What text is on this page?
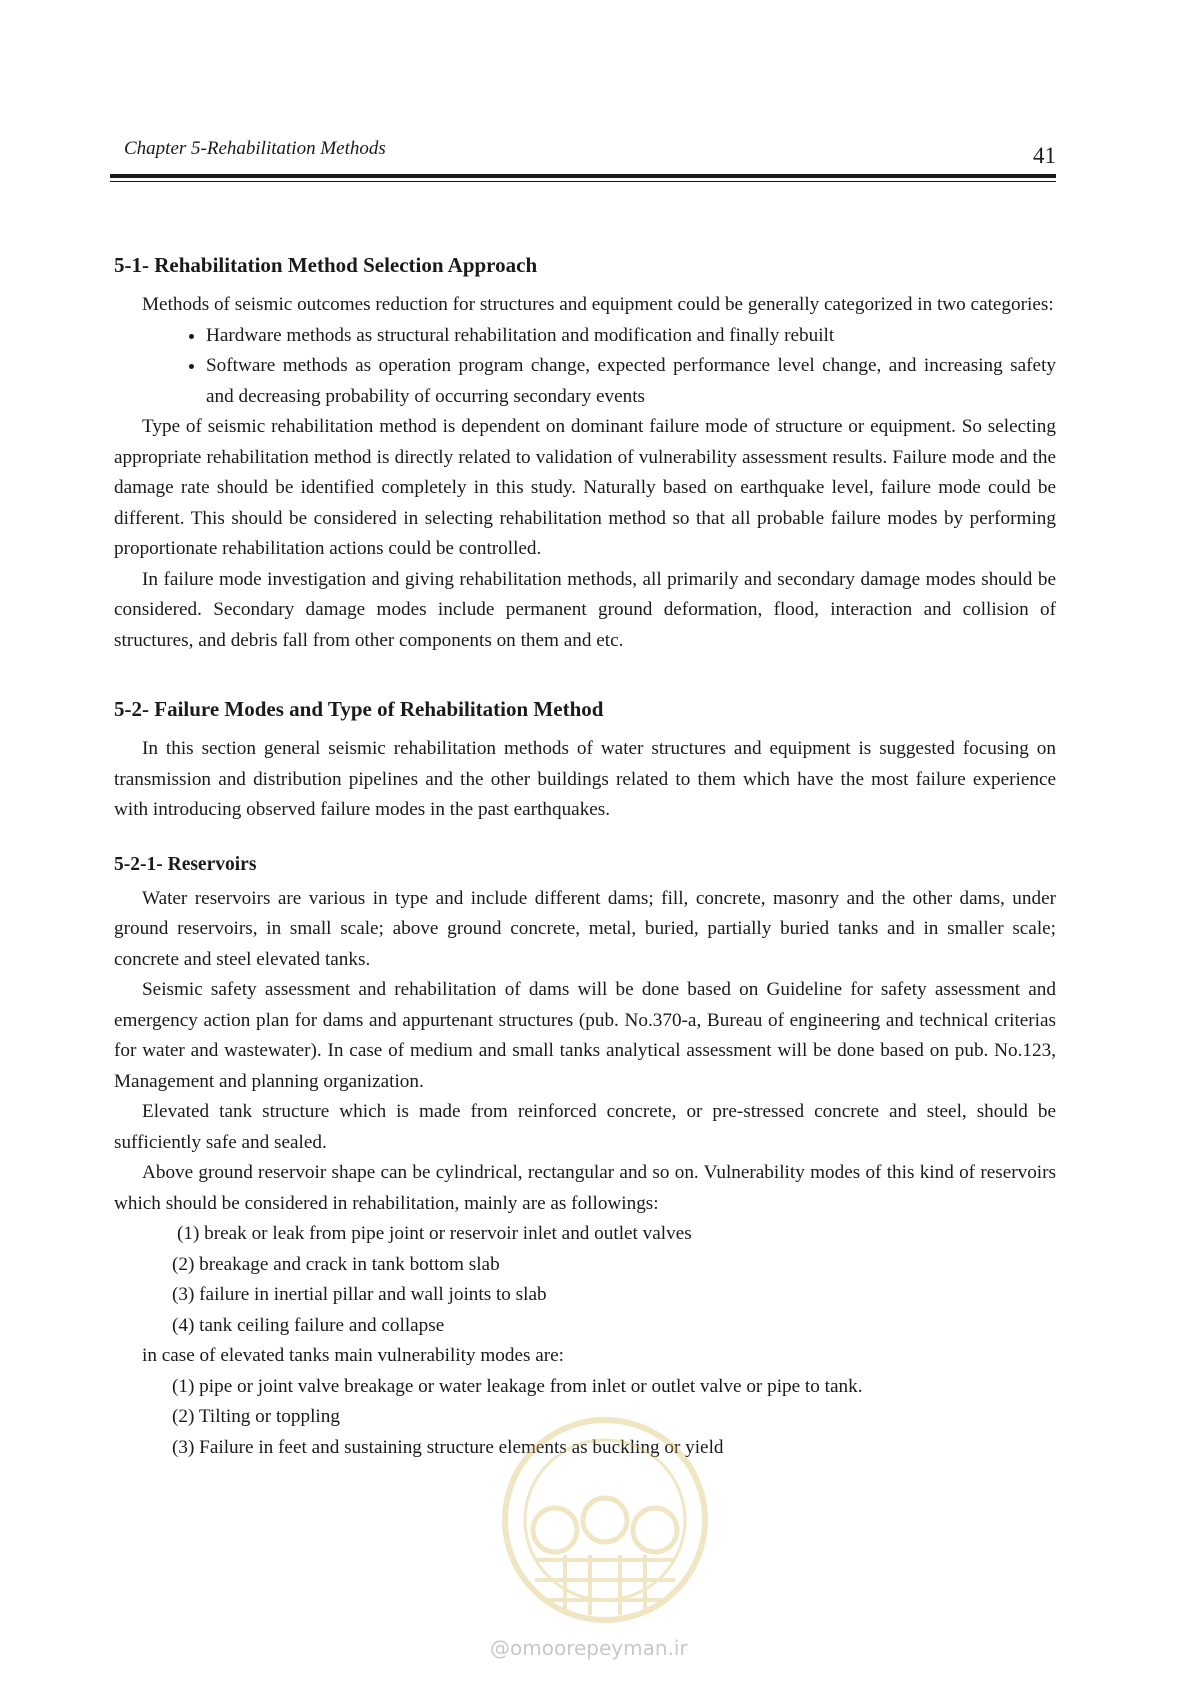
Chapter 5-Rehabilitation Methods	41
5-1- Rehabilitation Method Selection Approach

Methods of seismic outcomes reduction for structures and equipment could be generally categorized in two categories:

• Hardware methods as structural rehabilitation and modification and finally rebuilt
• Software methods as operation program change, expected performance level change, and increasing safety and decreasing probability of occurring secondary events

Type of seismic rehabilitation method is dependent on dominant failure mode of structure or equipment. So selecting appropriate rehabilitation method is directly related to validation of vulnerability assessment results. Failure mode and the damage rate should be identified completely in this study. Naturally based on earthquake level, failure mode could be different. This should be considered in selecting rehabilitation method so that all probable failure modes by performing proportionate rehabilitation actions could be controlled.

In failure mode investigation and giving rehabilitation methods, all primarily and secondary damage modes should be considered. Secondary damage modes include permanent ground deformation, flood, interaction and collision of structures, and debris fall from other components on them and etc.

5-2- Failure Modes and Type of Rehabilitation Method

In this section general seismic rehabilitation methods of water structures and equipment is suggested focusing on transmission and distribution pipelines and the other buildings related to them which have the most failure experience with introducing observed failure modes in the past earthquakes.

5-2-1- Reservoirs

Water reservoirs are various in type and include different dams; fill, concrete, masonry and the other dams, under ground reservoirs, in small scale; above ground concrete, metal, buried, partially buried tanks and in smaller scale; concrete and steel elevated tanks.

Seismic safety assessment and rehabilitation of dams will be done based on Guideline for safety assessment and emergency action plan for dams and appurtenant structures (pub. No.370-a, Bureau of engineering and technical criterias for water and wastewater). In case of medium and small tanks analytical assessment will be done based on pub. No.123, Management and planning organization.

Elevated tank structure which is made from reinforced concrete, or pre-stressed concrete and steel, should be sufficiently safe and sealed.

Above ground reservoir shape can be cylindrical, rectangular and so on. Vulnerability modes of this kind of reservoirs which should be considered in rehabilitation, mainly are as followings:

(1) break or leak from pipe joint or reservoir inlet and outlet valves
(2) breakage and crack in tank bottom slab
(3) failure in inertial pillar and wall joints to slab
(4) tank ceiling failure and collapse

in case of elevated tanks main vulnerability modes are:

(1) pipe or joint valve breakage or water leakage from inlet or outlet valve or pipe to tank.
(2) Tilting or toppling
(3) Failure in feet and sustaining structure elements as buckling or yield
@omoorepeyman.ir
